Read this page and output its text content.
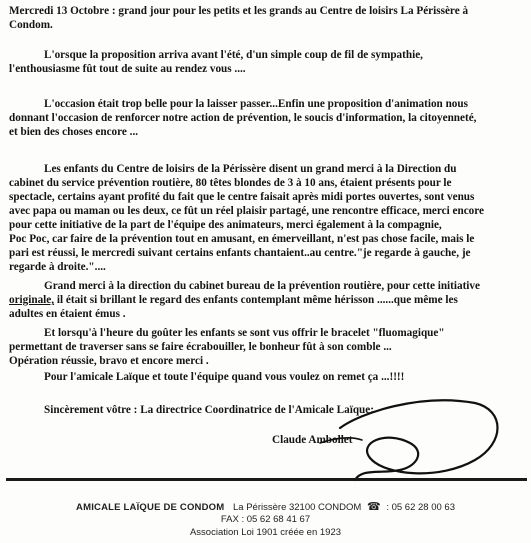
Mercredi 13 Octobre : grand jour pour les petits et les grands au Centre de loisirs La Périssère à
Condom.

L'orsque la proposition arriva avant l'été, d'un simple coup de fil de sympathie,
l'enthousiasme fût tout de suite au rendez vous ....

L'occasion était trop belle pour la laisser passer...Enfin une proposition d'animation nous
donnant l'occasion de renforcer notre action de prévention, le soucis d'information, la citoyenneté,
et bien des choses encore ...

Les enfants du Centre de loisirs de la Périssère disent un grand merci à la Direction du
cabinet du service prévention routière, 80 têtes blondes de 3 à 10 ans, étaient présents pour le
spectacle, certains ayant profité du fait que le centre faisait après midi portes ouvertes, sont venus
avec papa ou maman ou les deux, ce fût un réel plaisir partagé, une rencontre efficace, merci encore
pour cette initiative de la part de l'équipe des animateurs, merci également à la compagnie,
Poc Poc, car faire de la prévention tout en amusant, en émerveillant, n'est pas chose facile, mais le
pari est réussi, le mercredi suivant certains enfants chantaient..au centre."je regarde à gauche, je
regarde à droite."....

Grand merci à la direction du cabinet bureau de la prévention routière, pour cette initiative
originale, il était si brillant le regard des enfants contemplant même hérisson ......que même les
adultes en étaient émus .

Et lorsqu'à l'heure du goûter les enfants se sont vus offrir le bracelet "fluomagique"
permettant de traverser sans se faire écrabouiller, le bonheur fût à son comble ...
Opération réussie, bravo et encore merci .

Pour l'amicale Laïque et toute l'équipe quand vous voulez on remet ça ...!!!!

Sincèrement vôtre : La directrice Coordinatrice de l'Amicale Laïque:

Claude Ambollet

AMICALE LAÏQUE DE CONDOM La Périssère 32100 CONDOM ☎ : 05 62 28 00 63
FAX : 05 62 68 41 67
Association Loi 1901 créée en 1923
